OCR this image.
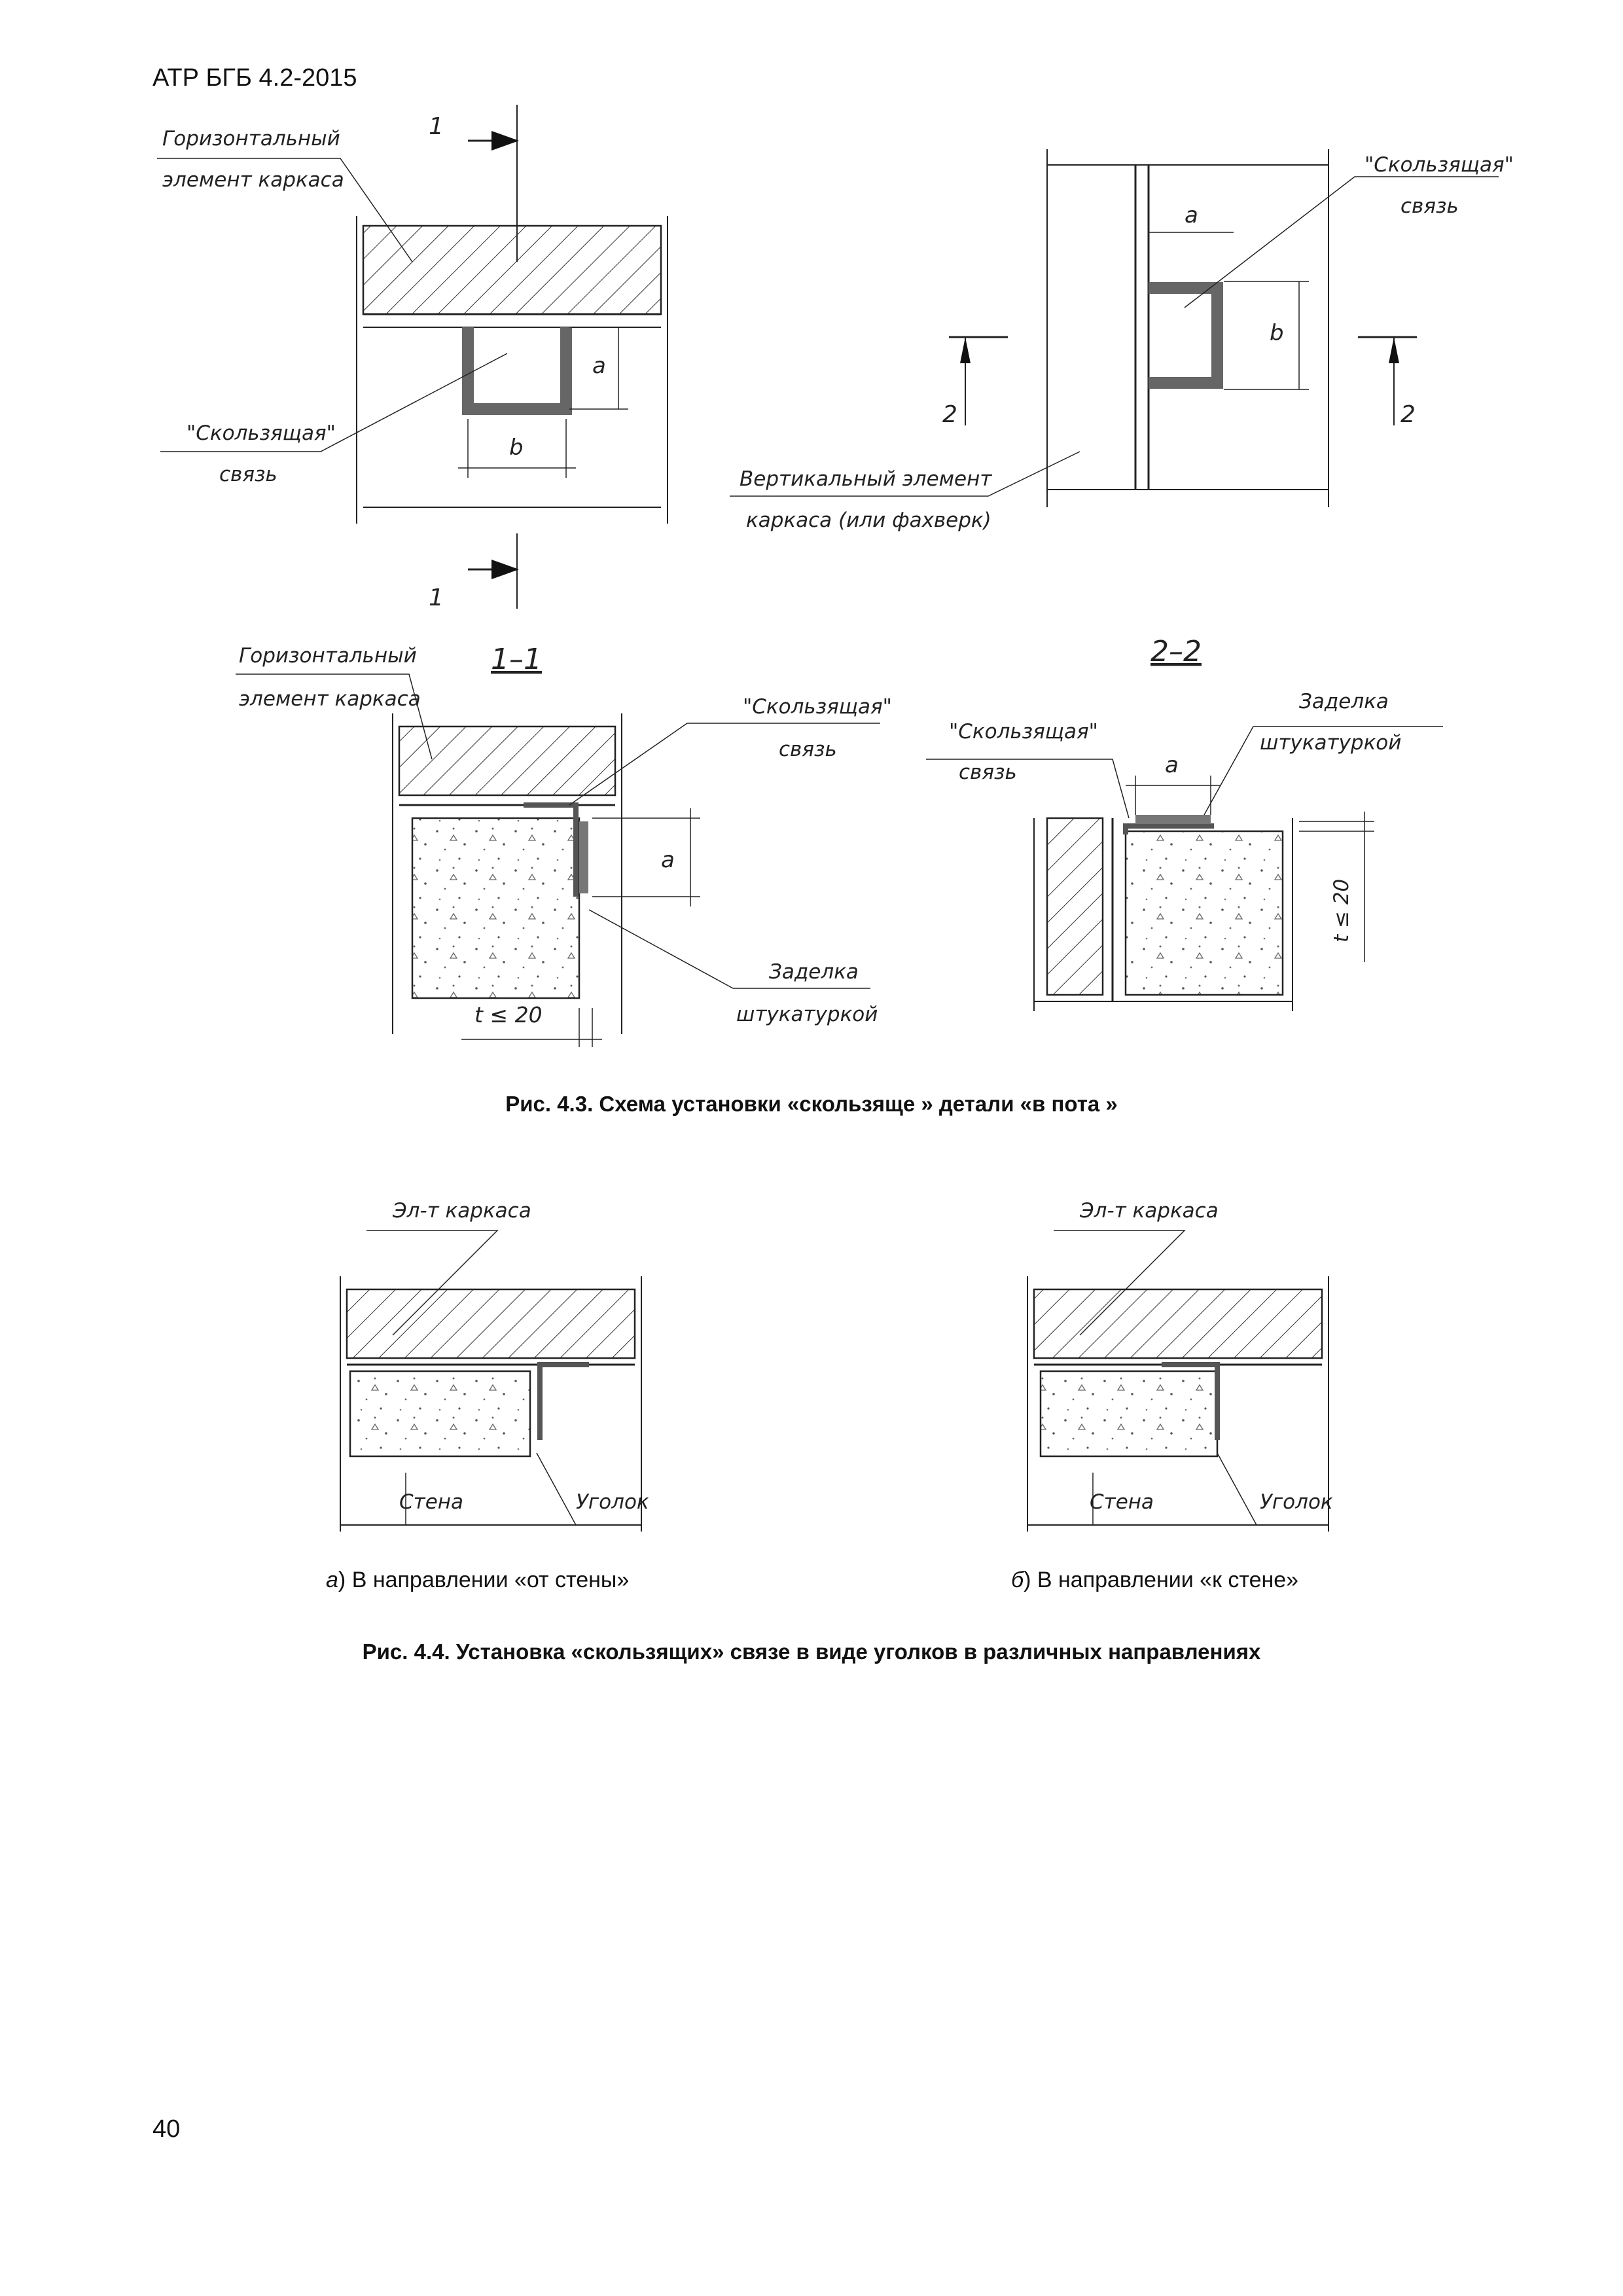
АТР БГБ 4.2-2015
1
1
a
b
Горизонтальный
элемент каркаса
"Скользящая"
связь
a
b
2	2
"Скользящая"
связь
Вертикальный элемент
каркаса (или фахверк)
1–1
a
t ≤ 20
Горизонтальный
элемент каркаса	"Скользящая"
связь
Заделка
штукатуркой
2–2
a
t ≤ 20
"Скользящая"
связь
Заделка
штукатуркой
Эл-т каркаса
Стена	Уголок
Эл-т каркаса
Стена	Уголок
Рис. 4.3. Схема установки «скользяще » детали «в пота »
а) В направлении «от стены»	б) В направлении «к стене»
Рис. 4.4. Установка «скользящих» связе в виде уголков в различных направлениях
40
